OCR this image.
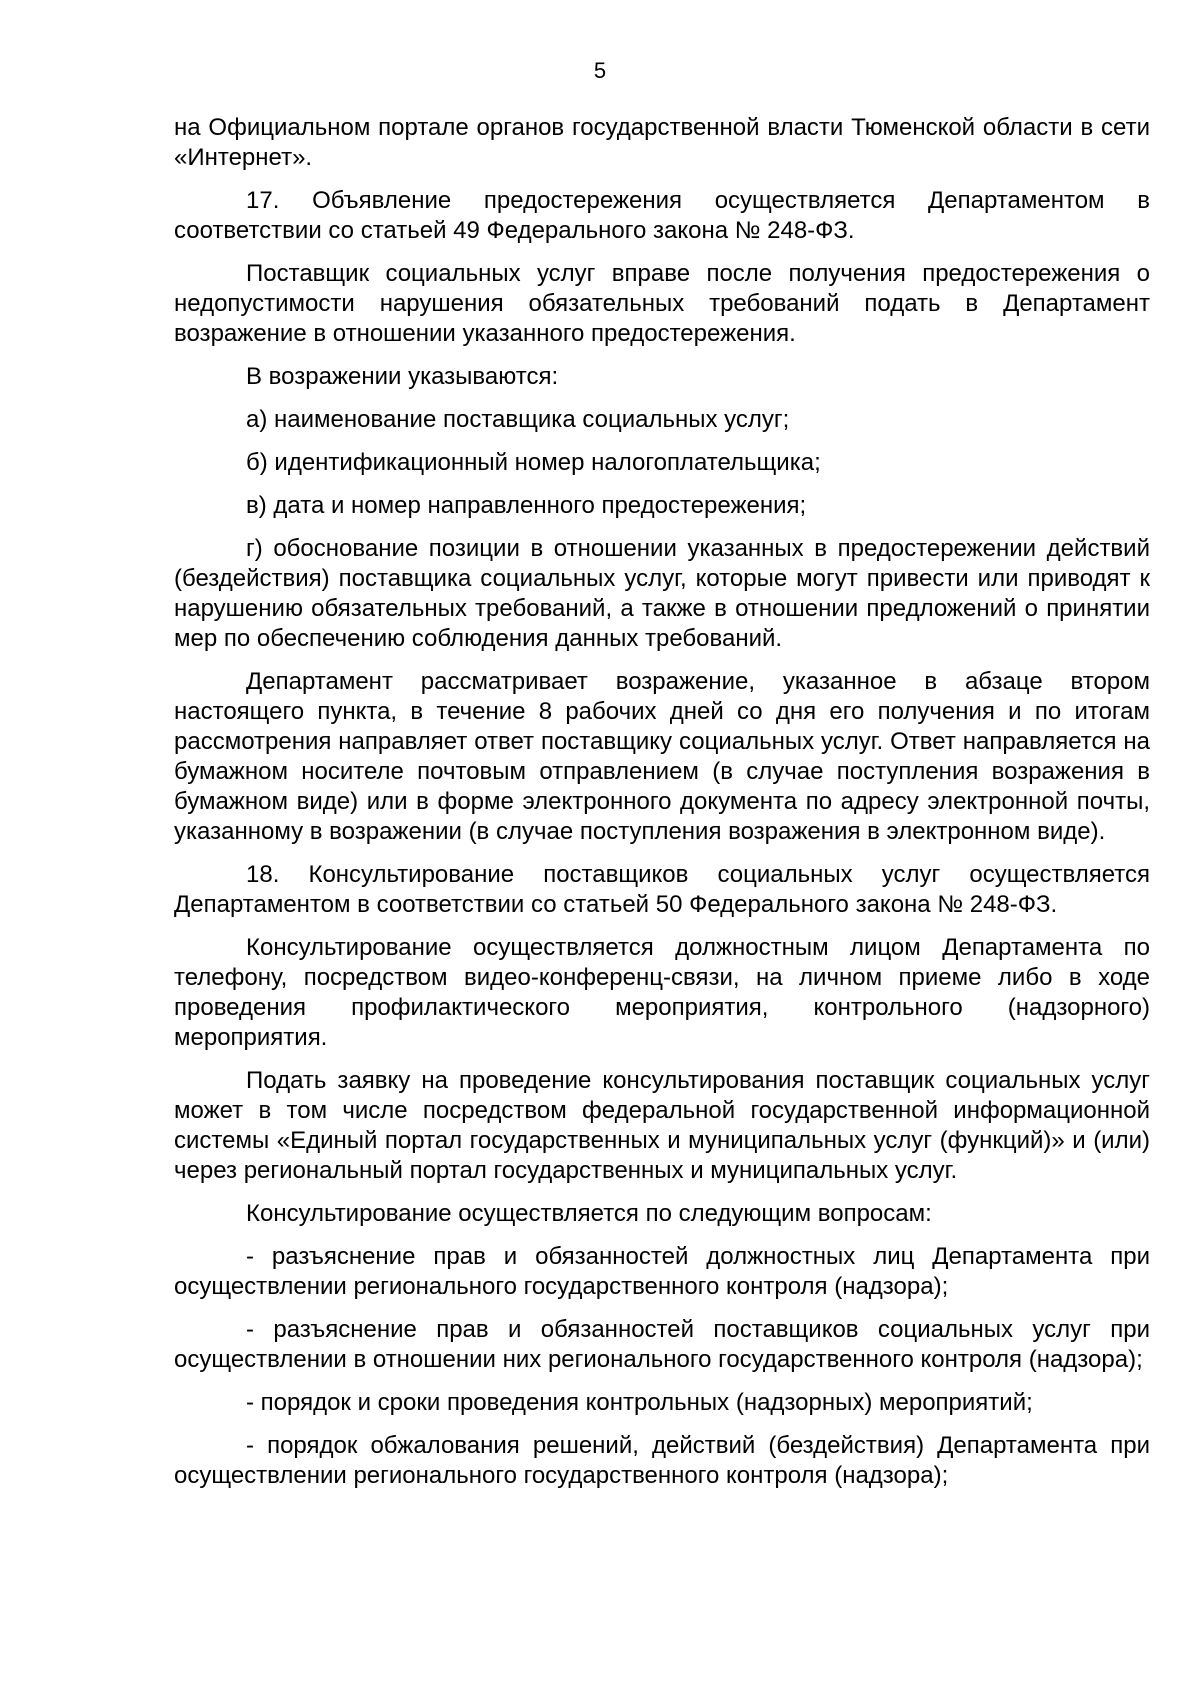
5

на Официальном портале органов государственной власти Тюменской области в сети «Интернет».

17. Объявление предостережения осуществляется Департаментом в соответствии со статьей 49 Федерального закона № 248-ФЗ.

Поставщик социальных услуг вправе после получения предостережения о недопустимости нарушения обязательных требований подать в Департамент возражение в отношении указанного предостережения.

В возражении указываются:

а) наименование поставщика социальных услуг;

б) идентификационный номер налогоплательщика;

в) дата и номер направленного предостережения;

г) обоснование позиции в отношении указанных в предостережении действий (бездействия) поставщика социальных услуг, которые могут привести или приводят к нарушению обязательных требований, а также в отношении предложений о принятии мер по обеспечению соблюдения данных требований.

Департамент рассматривает возражение, указанное в абзаце втором настоящего пункта, в течение 8 рабочих дней со дня его получения и по итогам рассмотрения направляет ответ поставщику социальных услуг. Ответ направляется на бумажном носителе почтовым отправлением (в случае поступления возражения в бумажном виде) или в форме электронного документа по адресу электронной почты, указанному в возражении (в случае поступления возражения в электронном виде).

18. Консультирование поставщиков социальных услуг осуществляется Департаментом в соответствии со статьей 50 Федерального закона № 248-ФЗ.

Консультирование осуществляется должностным лицом Департамента по телефону, посредством видео-конференц-связи, на личном приеме либо в ходе проведения профилактического мероприятия, контрольного (надзорного) мероприятия.

Подать заявку на проведение консультирования поставщик социальных услуг может в том числе посредством федеральной государственной информационной системы «Единый портал государственных и муниципальных услуг (функций)» и (или) через региональный портал государственных и муниципальных услуг.

Консультирование осуществляется по следующим вопросам:

- разъяснение прав и обязанностей должностных лиц Департамента при осуществлении регионального государственного контроля (надзора);

- разъяснение прав и обязанностей поставщиков социальных услуг при осуществлении в отношении них регионального государственного контроля (надзора);

- порядок и сроки проведения контрольных (надзорных) мероприятий;

- порядок обжалования решений, действий (бездействия) Департамента при осуществлении регионального государственного контроля (надзора);
